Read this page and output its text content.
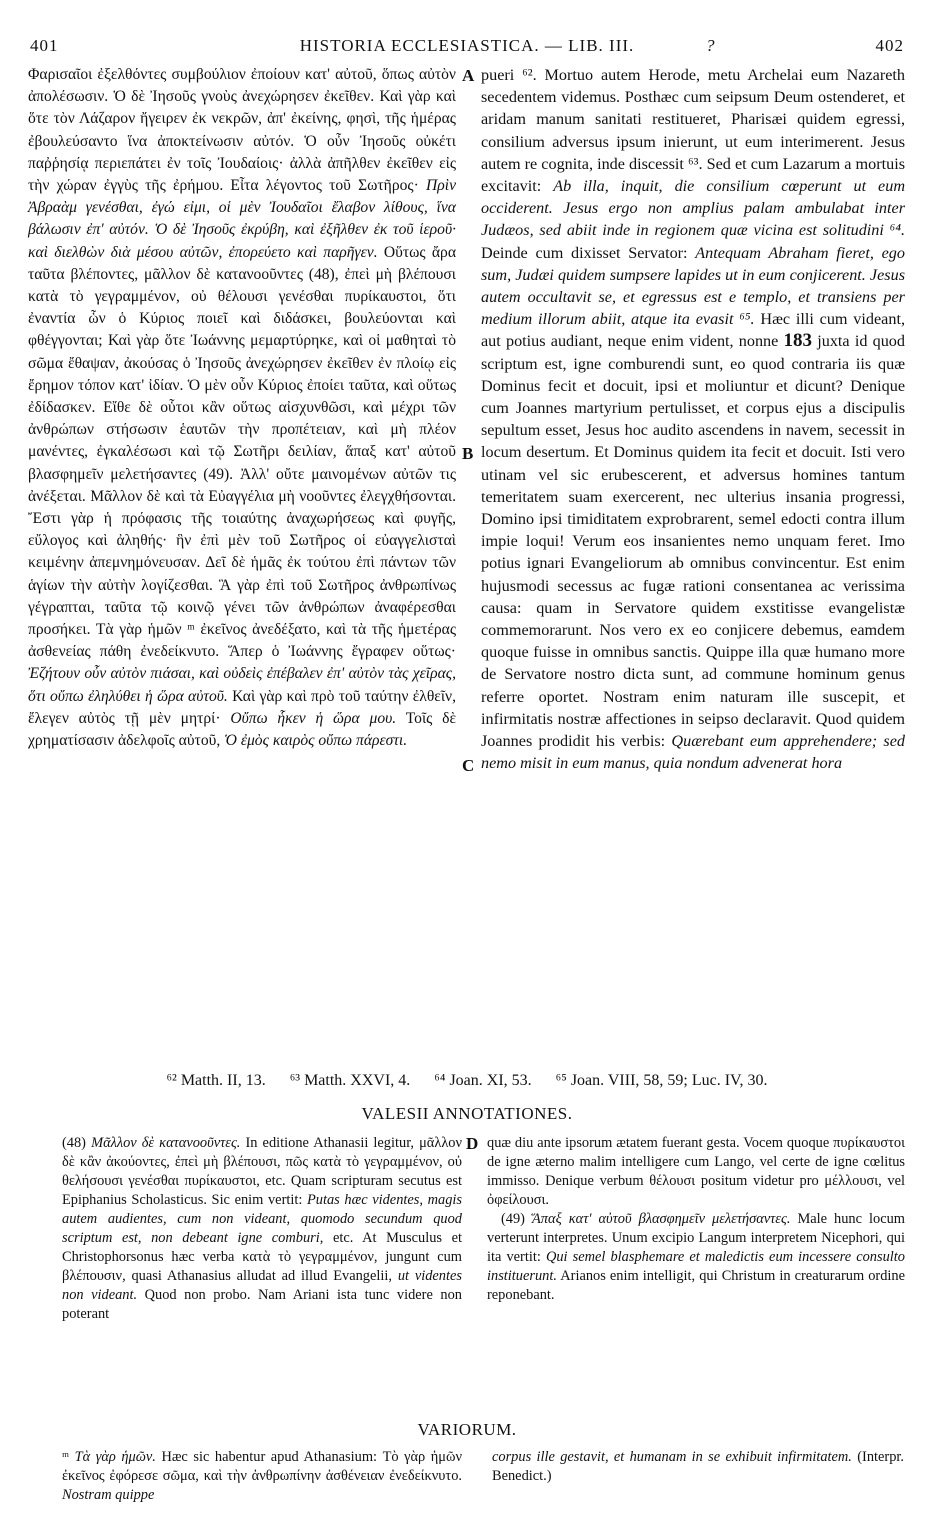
401	HISTORIA ECCLESIASTICA. — LIB. III.	?	402

Φαρισαῖοι ἐξελθόντες συμβούλιον ἐποίουν κατ' αὐτοῦ, ὅπως αὐτὸν ἀπολέσωσιν. Ὁ δὲ Ἰησοῦς γνοὺς ἀνεχώρησεν ἐκεῖθεν. Καὶ γὰρ καὶ ὅτε τὸν Λάζαρον ἤγειρεν ἐκ νεκρῶν, ἀπ' ἐκείνης, φησὶ, τῆς ἡμέρας ἐβουλεύσαντο ἵνα ἀποκτείνωσιν αὐτόν. Ὁ οὖν Ἰησοῦς οὐκέτι παῤῥησίᾳ περιεπάτει ἐν τοῖς Ἰουδαίοις· ἀλλὰ ἀπῆλθεν ἐκεῖθεν εἰς τὴν χώραν ἐγγὺς τῆς ἐρήμου. Εἶτα λέγοντος τοῦ Σωτῆρος· Πρὶν Ἀβραὰμ γενέσθαι, ἐγώ εἰμι, οἱ μὲν Ἰουδαῖοι ἔλαβον λίθους, ἵνα βάλωσιν ἐπ' αὐτόν. Ὁ δὲ Ἰησοῦς ἐκρύβη, καὶ ἐξῆλθεν ἐκ τοῦ ἱεροῦ· καὶ διελθὼν διὰ μέσου αὐτῶν, ἐπορεύετο καὶ παρῆγεν. Οὕτως ἄρα ταῦτα βλέποντες, μᾶλλον δὲ κατανοοῦντες (48), ἐπεὶ μὴ βλέπουσι κατὰ τὸ γεγραμμένον, οὐ θέλουσι γενέσθαι πυρίκαυστοι, ὅτι ἐναντία ὧν ὁ Κύριος ποιεῖ καὶ διδάσκει, βουλεύονται καὶ φθέγγονται; Καὶ γὰρ ὅτε Ἰωάννης μεμαρτύρηκε, καὶ οἱ μαθηταὶ τὸ σῶμα ἔθαψαν, ἀκούσας ὁ Ἰησοῦς ἀνεχώρησεν ἐκεῖθεν ἐν πλοίῳ εἰς ἔρημον τόπον κατ' ἰδίαν. Ὁ μὲν οὖν Κύριος ἐποίει ταῦτα, καὶ οὕτως ἐδίδασκεν. Εἴθε δὲ οὗτοι κἂν οὕτως αἰσχυνθῶσι, καὶ μέχρι τῶν ἀνθρώπων στήσωσιν ἑαυτῶν τὴν προπέτειαν, καὶ μὴ πλέον μανέντες, ἐγκαλέσωσι καὶ τῷ Σωτῆρι δειλίαν, ἅπαξ κατ' αὐτοῦ βλασφημεῖν μελετήσαντες (49). Ἀλλ' οὔτε μαινομένων αὐτῶν τις ἀνέξεται. Μᾶλλον δὲ καὶ τὰ Εὐαγγέλια μὴ νοοῦντες ἐλεγχθήσονται. Ἔστι γὰρ ἡ πρόφασις τῆς τοιαύτης ἀναχωρήσεως καὶ φυγῆς, εὔλογος καὶ ἀληθής· ἣν ἐπὶ μὲν τοῦ Σωτῆρος οἱ εὐαγγελισταὶ κειμένην ἀπεμνημόνευσαν. Δεῖ δὲ ἡμᾶς ἐκ τούτου ἐπὶ πάντων τῶν ἁγίων τὴν αὐτὴν λογίζεσθαι. Ἃ γὰρ ἐπὶ τοῦ Σωτῆρος ἀνθρωπίνως γέγραπται, ταῦτα τῷ κοινῷ γένει τῶν ἀνθρώπων ἀναφέρεσθαι προσήκει. Τὰ γὰρ ἡμῶν ᵐ ἐκεῖνος ἀνεδέξατο, καὶ τὰ τῆς ἡμετέρας ἀσθενείας πάθη ἐνεδείκνυτο. Ἅπερ ὁ Ἰωάννης ἔγραφεν οὕτως· Ἐζήτουν οὖν αὐτὸν πιάσαι, καὶ οὐδεὶς ἐπέβαλεν ἐπ' αὐτὸν τὰς χεῖρας, ὅτι οὔπω ἐληλύθει ἡ ὥρα αὐτοῦ. Καὶ γὰρ καὶ πρὸ τοῦ ταύτην ἐλθεῖν, ἔλεγεν αὐτὸς τῇ μὲν μητρί· Οὔπω ἧκεν ἡ ὥρα μου. Τοῖς δὲ χρηματίσασιν ἀδελφοῖς αὐτοῦ, Ὁ ἐμὸς καιρὸς οὔπω πάρεστι.

A
B
C

pueri ⁶². Mortuo autem Herode, metu Archelai eum Nazareth secedentem videmus. Posthæc cum seipsum Deum ostenderet, et aridam manum sanitati restitueret, Pharisæi quidem egressi, consilium adversus ipsum inierunt, ut eum interimerent. Jesus autem re cognita, inde discessit ⁶³. Sed et cum Lazarum a mortuis excitavit: Ab illa, inquit, die consilium cœperunt ut eum occiderent. Jesus ergo non amplius palam ambulabat inter Judæos, sed abiit inde in regionem quæ vicina est solitudini ⁶⁴. Deinde cum dixisset Servator: Antequam Abraham fieret, ego sum, Judæi quidem sumpsere lapides ut in eum conjicerent. Jesus autem occultavit se, et egressus est e templo, et transiens per medium illorum abiit, atque ita evasit ⁶⁵. Hæc illi cum videant, aut potius audiant, neque enim vident, nonne 183 juxta id quod scriptum est, igne comburendi sunt, eo quod contraria iis quæ Dominus fecit et docuit, ipsi et moliuntur et dicunt? Denique cum Joannes martyrium pertulisset, et corpus ejus a discipulis sepultum esset, Jesus hoc audito ascendens in navem, secessit in locum desertum. Et Dominus quidem ita fecit et docuit. Isti vero utinam vel sic erubescerent, et adversus homines tantum temeritatem suam exercerent, nec ulterius insania progressi, Domino ipsi timiditatem exprobrarent, semel edocti contra illum impie loqui! Verum eos insanientes nemo unquam feret. Imo potius ignari Evangeliorum ab omnibus convincentur. Est enim hujusmodi secessus ac fugæ rationi consentanea ac verissima causa: quam in Servatore quidem exstitisse evangelistæ commemorarunt. Nos vero ex eo conjicere debemus, eamdem quoque fuisse in omnibus sanctis. Quippe illa quæ humano more de Servatore nostro dicta sunt, ad commune hominum genus referre oportet. Nostram enim naturam ille suscepit, et infirmitatis nostræ affectiones in seipso declaravit. Quod quidem Joannes prodidit his verbis: Quærebant eum apprehendere; sed nemo misit in eum manus, quia nondum advenerat hora

⁶² Matth. II, 13. ⁶³ Matth. XXVI, 4. ⁶⁴ Joan. XI, 53. ⁶⁵ Joan. VIII, 58, 59; Luc. IV, 30.
VALESII ANNOTATIONES.
(48) Μᾶλλον δὲ κατανοοῦντες. In editione Athanasii legitur, μᾶλλον δὲ κἂν ἀκούοντες, ἐπεὶ μὴ βλέπουσι, πῶς κατὰ τὸ γεγραμμένον, οὐ θελήσουσι γενέσθαι πυρίκαυστοι, etc. Quam scripturam secutus est Epiphanius Scholasticus. Sic enim vertit: Putas hæc videntes, magis autem audientes, cum non videant, quomodo secundum quod scriptum est, non debeant igne comburi, etc. At Musculus et Christophorsonus hæc verba κατὰ τὸ γεγραμμένον, jungunt cum βλέπουσιν, quasi Athanasius alludat ad illud Evangelii, ut videntes non videant. Quod non probo. Nam Ariani ista tunc videre non poterant
D quæ diu ante ipsorum ætatem fuerant gesta. Vocem quoque πυρίκαυστοι de igne æterno malim intelligere cum Lango, vel certe de igne cœlitus immisso. Denique verbum θέλουσι positum videtur pro μέλλουσι, vel ὀφείλουσι.
(49) Ἅπαξ κατ' αὐτοῦ βλασφημεῖν μελετήσαντες. Male hunc locum verterunt interpretes. Unum excipio Langum interpretem Nicephori, qui ita vertit: Qui semel blasphemare et maledictis eum incessere consulto instituerunt. Arianos enim intelligit, qui Christum in creaturarum ordine reponebant.
VARIORUM.
ᵐ Τὰ γὰρ ἡμῶν. Hæc sic habentur apud Athanasium: Τὸ γὰρ ἡμῶν ἐκεῖνος ἐφόρεσε σῶμα, καὶ τὴν ἀνθρωπίνην ἀσθένειαν ἐνεδείκνυτο. Nostram quippe
corpus ille gestavit, et humanam in se exhibuit infirmitatem. (Interpr. Benedict.)
